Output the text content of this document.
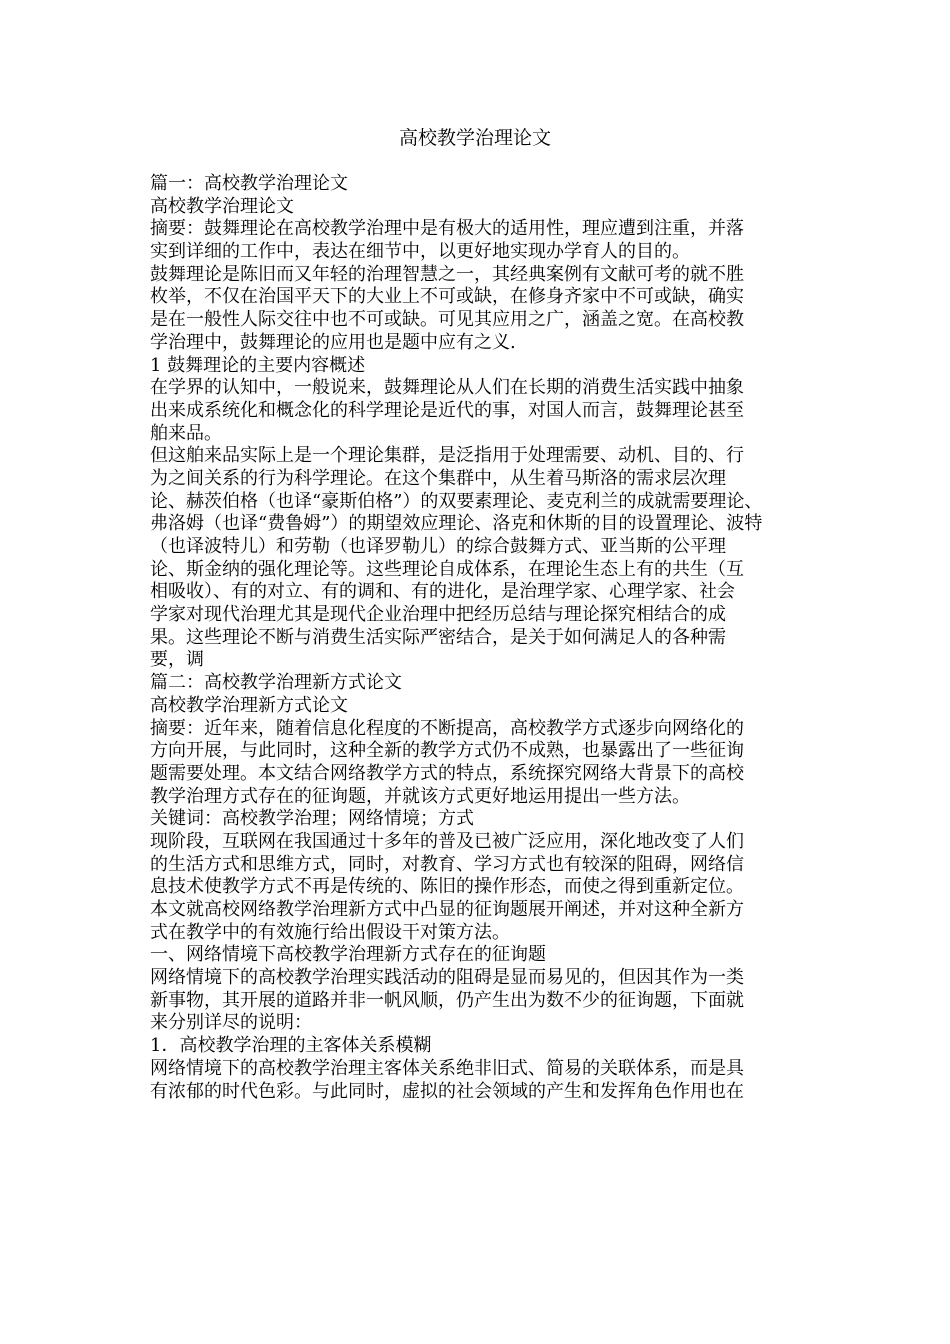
高校教学治理论文
篇一：高校教学治理论文
高校教学治理论文
摘要：鼓舞理论在高校教学治理中是有极大的适用性，理应遭到注重，并落
实到详细的工作中，表达在细节中，以更好地实现办学育人的目的。
鼓舞理论是陈旧而又年轻的治理智慧之一，其经典案例有文献可考的就不胜
枚举，不仅在治国平天下的大业上不可或缺，在修身齐家中不可或缺，确实
是在一般性人际交往中也不可或缺。可见其应用之广，涵盖之宽。在高校教
学治理中，鼓舞理论的应用也是题中应有之义.
1 鼓舞理论的主要内容概述
在学界的认知中，一般说来，鼓舞理论从人们在长期的消费生活实践中抽象
出来成系统化和概念化的科学理论是近代的事，对国人而言，鼓舞理论甚至
舶来品。
但这舶来品实际上是一个理论集群，是泛指用于处理需要、动机、目的、行
为之间关系的行为科学理论。在这个集群中，从生着马斯洛的需求层次理
论、赫茨伯格（也译“豪斯伯格”）的双要素理论、麦克利兰的成就需要理论、
弗洛姆（也译“费鲁姆”）的期望效应理论、洛克和休斯的目的设置理论、波特
（也译波特儿）和劳勒（也译罗勒儿）的综合鼓舞方式、亚当斯的公平理
论、斯金纳的强化理论等。这些理论自成体系，在理论生态上有的共生（互
相吸收）、有的对立、有的调和、有的进化，是治理学家、心理学家、社会
学家对现代治理尤其是现代企业治理中把经历总结与理论探究相结合的成
果。这些理论不断与消费生活实际严密结合，是关于如何满足人的各种需
要，调
篇二：高校教学治理新方式论文
高校教学治理新方式论文
摘要：近年来，随着信息化程度的不断提高，高校教学方式逐步向网络化的
方向开展，与此同时，这种全新的教学方式仍不成熟，也暴露出了一些征询
题需要处理。本文结合网络教学方式的特点，系统探究网络大背景下的高校
教学治理方式存在的征询题，并就该方式更好地运用提出一些方法。
关键词：高校教学治理；网络情境；方式
现阶段，互联网在我国通过十多年的普及已被广泛应用，深化地改变了人们
的生活方式和思维方式，同时，对教育、学习方式也有较深的阻碍，网络信
息技术使教学方式不再是传统的、陈旧的操作形态，而使之得到重新定位。
本文就高校网络教学治理新方式中凸显的征询题展开阐述，并对这种全新方
式在教学中的有效施行给出假设干对策方法。
一、网络情境下高校教学治理新方式存在的征询题
网络情境下的高校教学治理实践活动的阻碍是显而易见的，但因其作为一类
新事物，其开展的道路并非一帆风顺，仍产生出为数不少的征询题，下面就
来分别详尽的说明：
1．高校教学治理的主客体关系模糊
网络情境下的高校教学治理主客体关系绝非旧式、简易的关联体系，而是具
有浓郁的时代色彩。与此同时，虚拟的社会领域的产生和发挥角色作用也在
